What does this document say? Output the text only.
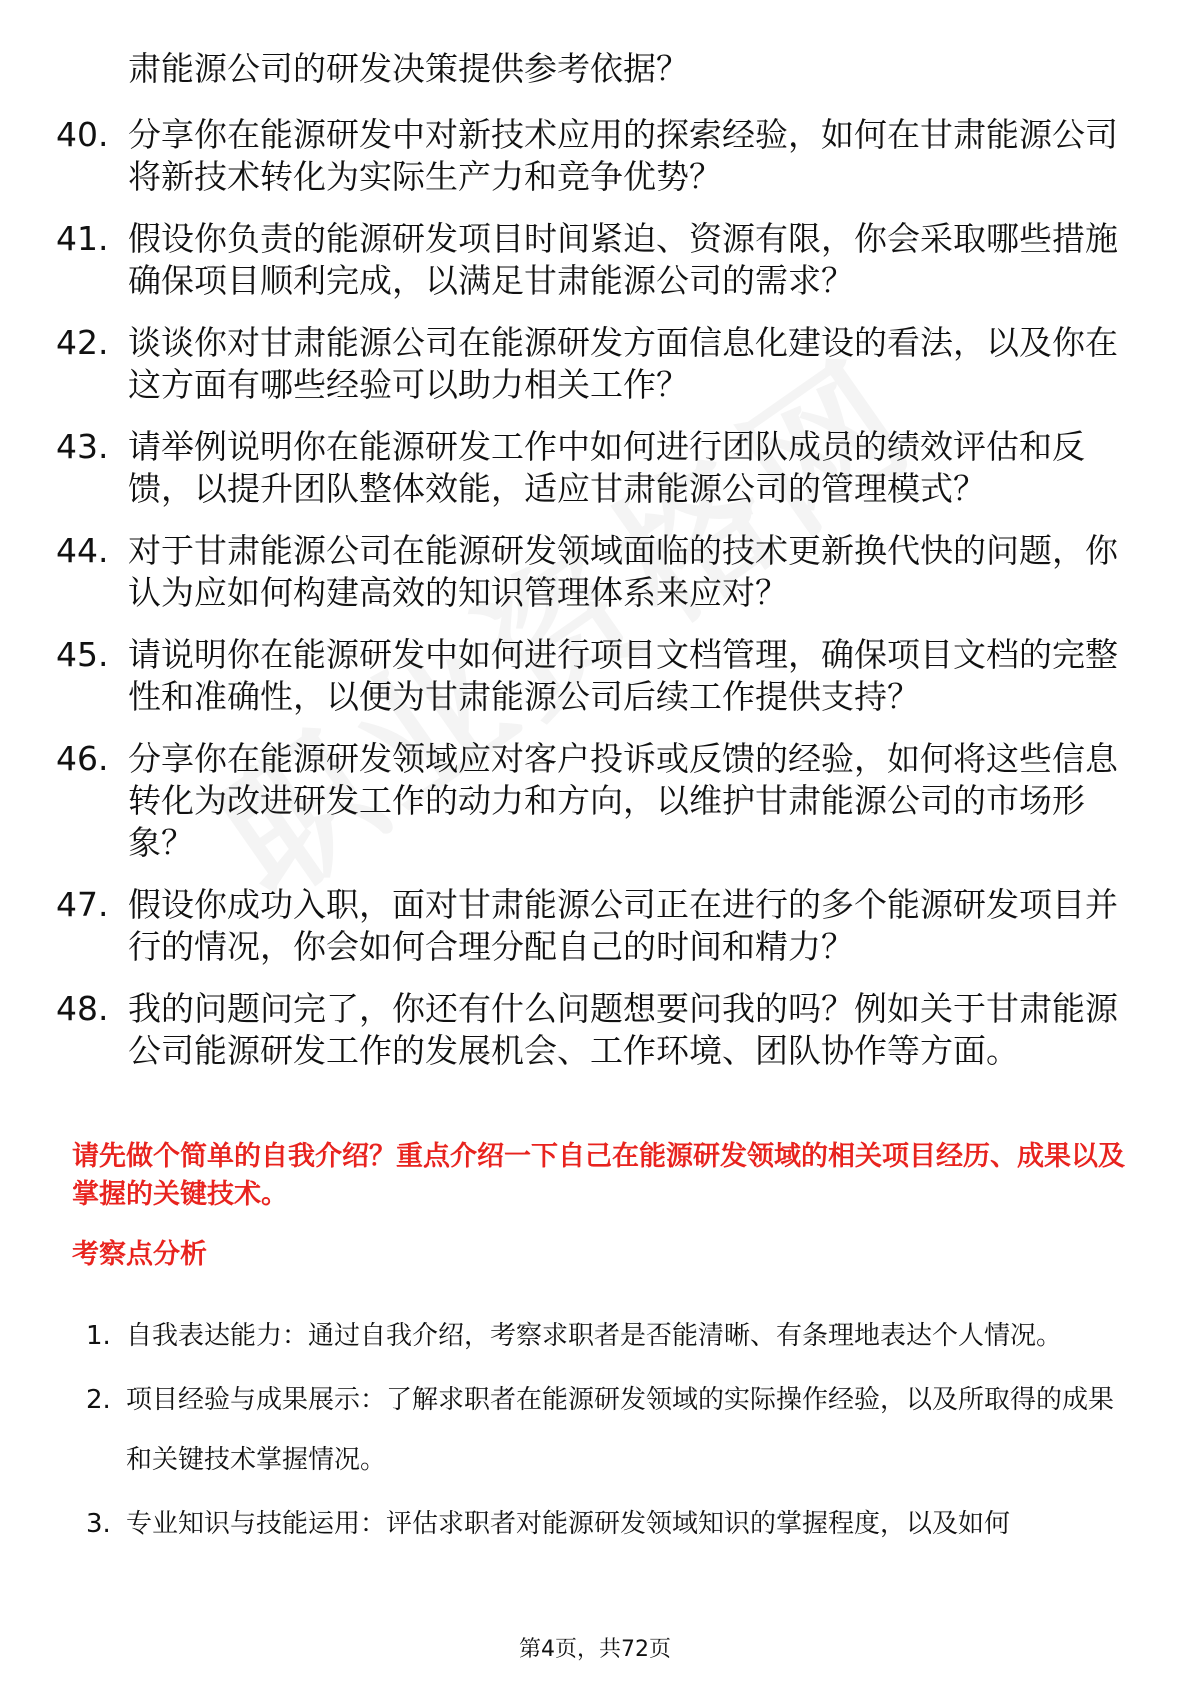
肃能源公司的研发决策提供参考依据？
40. 分享你在能源研发中对新技术应用的探索经验，如何在甘肃能源公司将新技术转化为实际生产力和竞争优势？
41. 假设你负责的能源研发项目时间紧迫、资源有限，你会采取哪些措施确保项目顺利完成，以满足甘肃能源公司的需求？
42. 谈谈你对甘肃能源公司在能源研发方面信息化建设的看法，以及你在这方面有哪些经验可以助力相关工作？
43. 请举例说明你在能源研发工作中如何进行团队成员的绩效评估和反馈，以提升团队整体效能，适应甘肃能源公司的管理模式？
44. 对于甘肃能源公司在能源研发领域面临的技术更新换代快的问题，你认为应如何构建高效的知识管理体系来应对？
45. 请说明你在能源研发中如何进行项目文档管理，确保项目文档的完整性和准确性，以便为甘肃能源公司后续工作提供支持？
46. 分享你在能源研发领域应对客户投诉或反馈的经验，如何将这些信息转化为改进研发工作的动力和方向，以维护甘肃能源公司的市场形象？
47. 假设你成功入职，面对甘肃能源公司正在进行的多个能源研发项目并行的情况，你会如何合理分配自己的时间和精力？
48. 我的问题问完了，你还有什么问题想要问我的吗？例如关于甘肃能源公司能源研发工作的发展机会、工作环境、团队协作等方面。
请先做个简单的自我介绍？重点介绍一下自己在能源研发领域的相关项目经历、成果以及掌握的关键技术。
考察点分析
1. 自我表达能力：通过自我介绍，考察求职者是否能清晰、有条理地表达个人情况。
2. 项目经验与成果展示：了解求职者在能源研发领域的实际操作经验，以及所取得的成果和关键技术掌握情况。
3. 专业知识与技能运用：评估求职者对能源研发领域知识的掌握程度，以及如何
第4页，共72页
